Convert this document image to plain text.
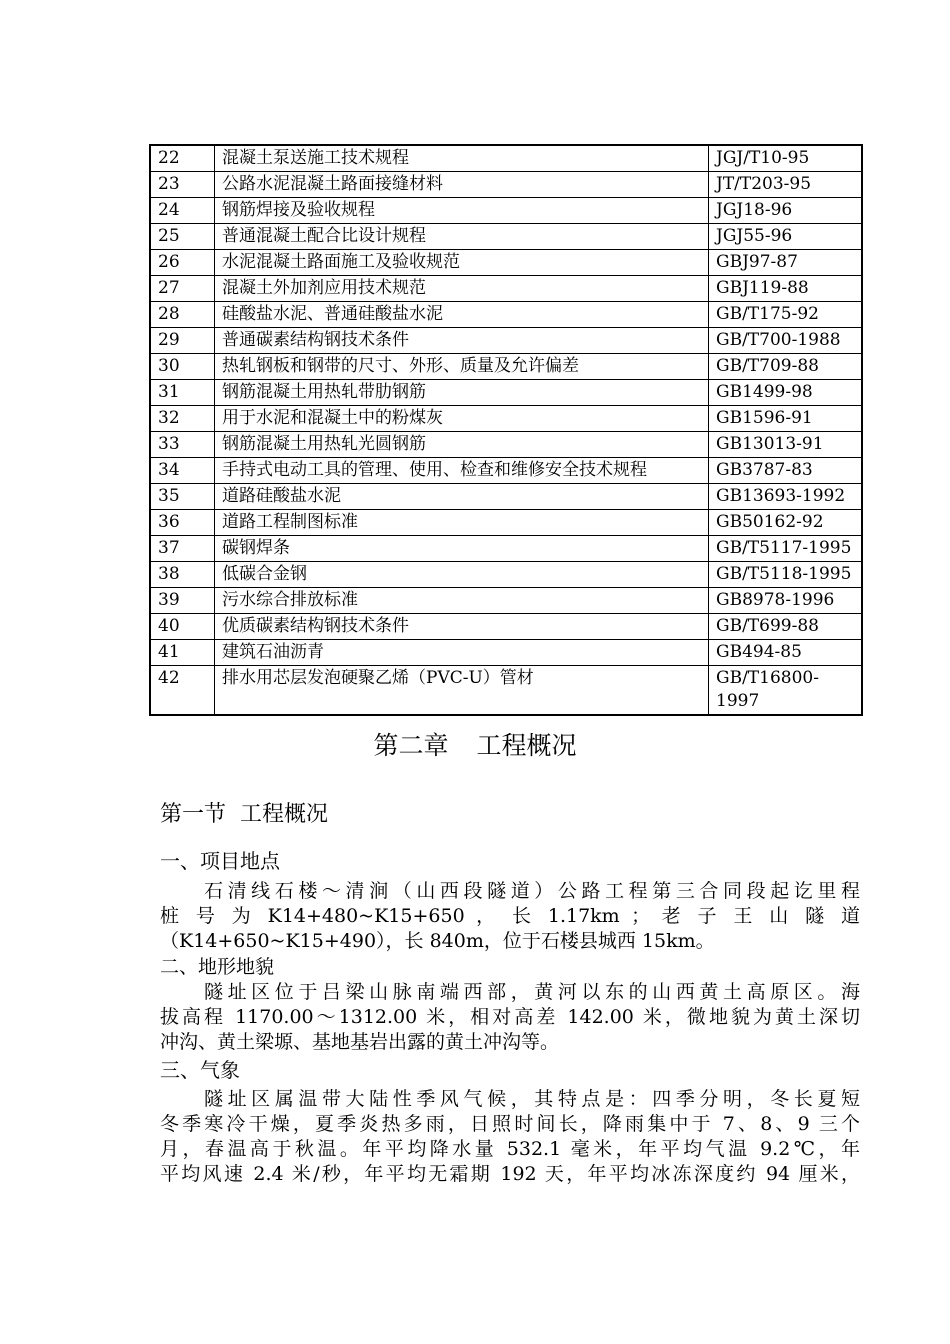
22	混凝土泵送施工技术规程	JGJ/T10-95
23	公路水泥混凝土路面接缝材料	JT/T203-95
24	钢筋焊接及验收规程	JGJ18-96
25	普通混凝土配合比设计规程	JGJ55-96
26	水泥混凝土路面施工及验收规范	GBJ97-87
27	混凝土外加剂应用技术规范	GBJ119-88
28	硅酸盐水泥、普通硅酸盐水泥	GB/T175-92
29	普通碳素结构钢技术条件	GB/T700-1988
30	热轧钢板和钢带的尺寸、外形、质量及允许偏差	GB/T709-88
31	钢筋混凝土用热轧带肋钢筋	GB1499-98
32	用于水泥和混凝土中的粉煤灰	GB1596-91
33	钢筋混凝土用热轧光圆钢筋	GB13013-91
34	手持式电动工具的管理、使用、检查和维修安全技术规程	GB3787-83
35	道路硅酸盐水泥	GB13693-1992
36	道路工程制图标准	GB50162-92
37	碳钢焊条	GB/T5117-1995
38	低碳合金钢	GB/T5118-1995
39	污水综合排放标准	GB8978-1996
40	优质碳素结构钢技术条件	GB/T699-88
41	建筑石油沥青	GB494-85
42	排水用芯层发泡硬聚乙烯（PVC-U）管材	GB/T16800-1997
第二章 工程概况
第一节  工程概况
一、项目地点
石清线石楼～清涧（山西段隧道）公路工程第三合同段起讫里程
桩 号 为 K14+480~K15+650 ， 长 1.17km ； 老 子 王 山 隧 道
（K14+650~K15+490），长 840m，位于石楼县城西 15km。
二、地形地貌
隧址区位于吕梁山脉南端西部，黄河以东的山西黄土高原区。海
拔高程 1170.00～1312.00 米，相对高差 142.00 米，微地貌为黄土深切
冲沟、黄土梁塬、基地基岩出露的黄土冲沟等。
三、气象
隧址区属温带大陆性季风气候，其特点是：四季分明，冬长夏短
冬季寒冷干燥，夏季炎热多雨，日照时间长，降雨集中于 7、8、9 三个
月，春温高于秋温。年平均降水量 532.1 毫米，年平均气温 9.2℃，年
平均风速 2.4 米/秒，年平均无霜期 192 天，年平均冰冻深度约 94 厘米，
